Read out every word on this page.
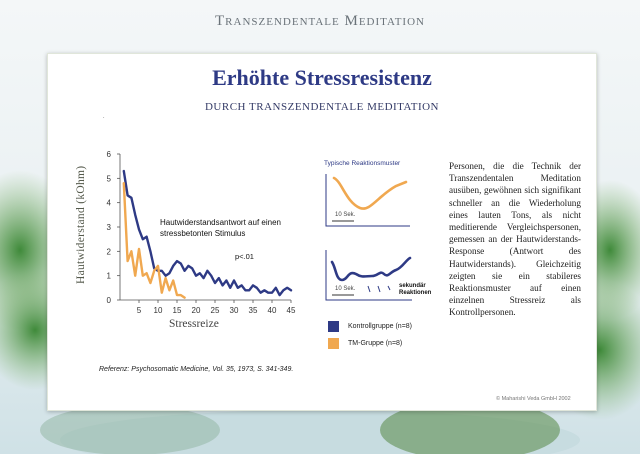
Transzendentale Meditation
Erhöhte Stressresistenz
DURCH TRANSZENDENTALE MEDITATION
.
0
1
2
3
4
5
6
5 10 15 20 25 30 35 40 45
Hautwiderstand (kOhm)
Stressreize
Hautwiderstandsantwort auf einen stressbetonten Stimulus
p<.01
Kontrollgruppe (n=8)
TM-Gruppe (n=8)
Typische Reaktionsmuster
10 Sek.
10 Sek.	sekundär Reaktionen
Personen, die die Technik der Transzendentalen Meditation ausüben, gewöhnen sich signifikant schneller an die Wiederholung eines lauten Tons, als nicht meditierende Vergleichspersonen, gemessen an der Hautwiderstands-Response (Antwort des Hautwiderstands). Gleichzeitig zeigten sie ein stabileres Reaktionsmuster auf einen einzelnen Stressreiz als Kontrollpersonen.
Referenz: Psychosomatic Medicine, Vol. 35, 1973, S. 341-349.
© Maharishi Veda GmbH 2002
